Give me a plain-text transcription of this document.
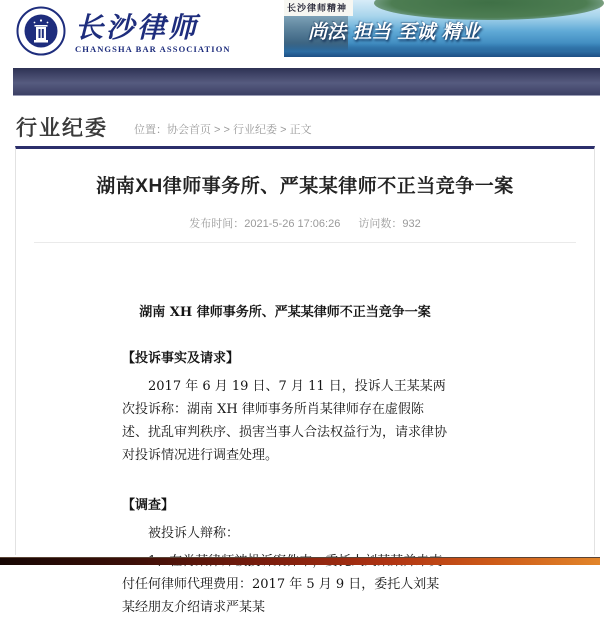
长沙律师
CHANGSHA BAR ASSOCIATION
长沙律师精神
尚法 担当 至诚 精业
行业纪委 位置：协会首页 > > 行业纪委 > 正文
湖南XH律师事务所、严某某律师不正当竞争一案
发布时间：2021-5-26 17:06:26 访问数：932
湖南 XH 律师事务所、严某某律师不正当竞争一案
【投诉事实及请求】

2017 年 6 月 19 日、7 月 11 日，投诉人王某某两次投诉称：湖南 XH 律师事务所肖某律师存在虚假陈述、扰乱审判秩序、损害当事人合法权益行为，请求律协对投诉情况进行调查处理。

【调查】

被投诉人辩称：

付任何律师代理费用：2017 年 5 月 9 日，委托人刘某某经朋友介绍请求严某某
